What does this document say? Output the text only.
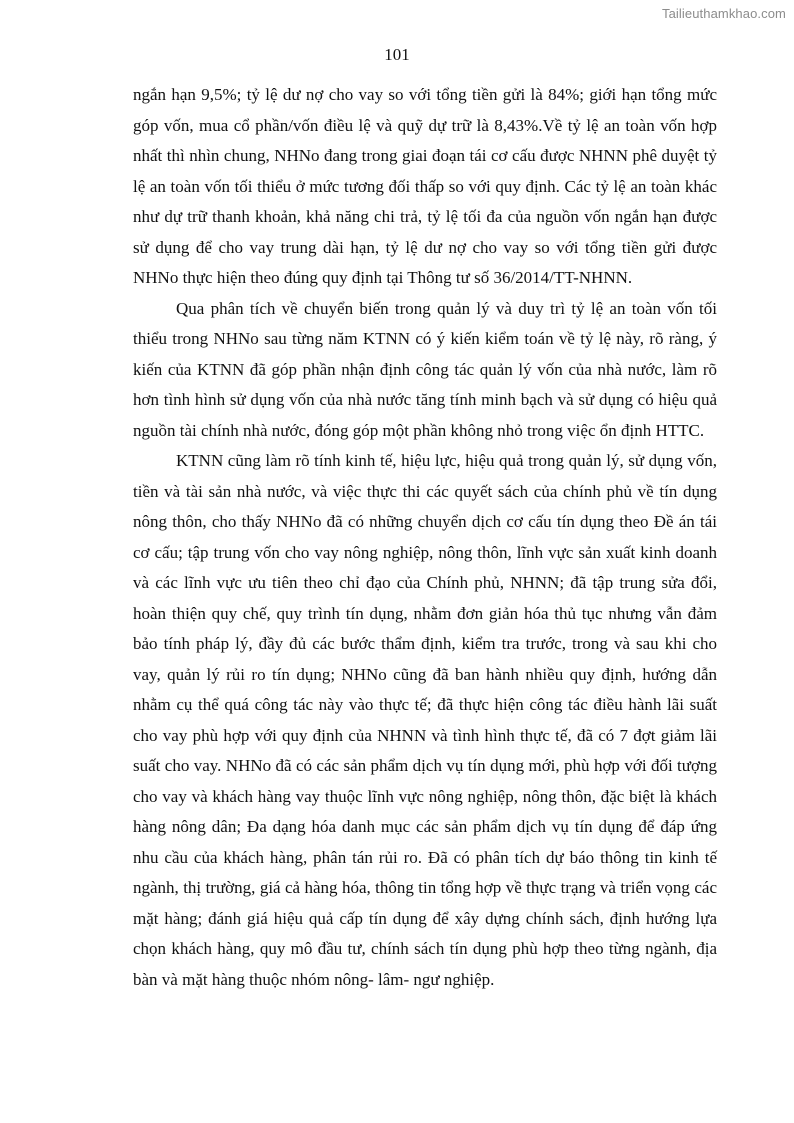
Tailieuthamkhao.com
101

ngắn hạn 9,5%; tỷ lệ dư nợ cho vay so với tổng tiền gửi là 84%; giới hạn tổng mức góp vốn, mua cổ phần/vốn điều lệ và quỹ dự trữ là 8,43%.Về tỷ lệ an toàn vốn hợp nhất thì nhìn chung, NHNo đang trong giai đoạn tái cơ cấu được NHNN phê duyệt tỷ lệ an toàn vốn tối thiểu ở mức tương đối thấp so với quy định. Các tỷ lệ an toàn khác như dự trữ thanh khoản, khả năng chi trả, tỷ lệ tối đa của nguồn vốn ngắn hạn được sử dụng để cho vay trung dài hạn, tỷ lệ dư nợ cho vay so với tổng tiền gửi được NHNo thực hiện theo đúng quy định tại Thông tư số 36/2014/TT-NHNN.

Qua phân tích về chuyển biến trong quản lý và duy trì tỷ lệ an toàn vốn tối thiểu trong NHNo sau từng năm KTNN có ý kiến kiểm toán về tỷ lệ này, rõ ràng, ý kiến của KTNN đã góp phần nhận định công tác quản lý vốn của nhà nước, làm rõ hơn tình hình sử dụng vốn của nhà nước tăng tính minh bạch và sử dụng có hiệu quả nguồn tài chính nhà nước, đóng góp một phần không nhỏ trong việc ổn định HTTC.

KTNN cũng làm rõ tính kinh tế, hiệu lực, hiệu quả trong quản lý, sử dụng vốn, tiền và tài sản nhà nước, và việc thực thi các quyết sách của chính phủ về tín dụng nông thôn, cho thấy NHNo đã có những chuyển dịch cơ cấu tín dụng theo Đề án tái cơ cấu; tập trung vốn cho vay nông nghiệp, nông thôn, lĩnh vực sản xuất kinh doanh và các lĩnh vực ưu tiên theo chỉ đạo của Chính phủ, NHNN; đã tập trung sửa đổi, hoàn thiện quy chế, quy trình tín dụng, nhằm đơn giản hóa thủ tục nhưng vẫn đảm bảo tính pháp lý, đầy đủ các bước thẩm định, kiểm tra trước, trong và sau khi cho vay, quản lý rủi ro tín dụng; NHNo cũng đã ban hành nhiều quy định, hướng dẫn nhằm cụ thể quá công tác này vào thực tế; đã thực hiện công tác điều hành lãi suất cho vay phù hợp với quy định của NHNN và tình hình thực tế, đã có 7 đợt giảm lãi suất cho vay. NHNo đã có các sản phẩm dịch vụ tín dụng mới, phù hợp với đối tượng cho vay và khách hàng vay thuộc lĩnh vực nông nghiệp, nông thôn, đặc biệt là khách hàng nông dân; Đa dạng hóa danh mục các sản phẩm dịch vụ tín dụng để đáp ứng nhu cầu của khách hàng, phân tán rủi ro. Đã có phân tích dự báo thông tin kinh tế ngành, thị trường, giá cả hàng hóa, thông tin tổng hợp về thực trạng và triển vọng các mặt hàng; đánh giá hiệu quả cấp tín dụng để xây dựng chính sách, định hướng lựa chọn khách hàng, quy mô đầu tư, chính sách tín dụng phù hợp theo từng ngành, địa bàn và mặt hàng thuộc nhóm nông- lâm- ngư nghiệp.
